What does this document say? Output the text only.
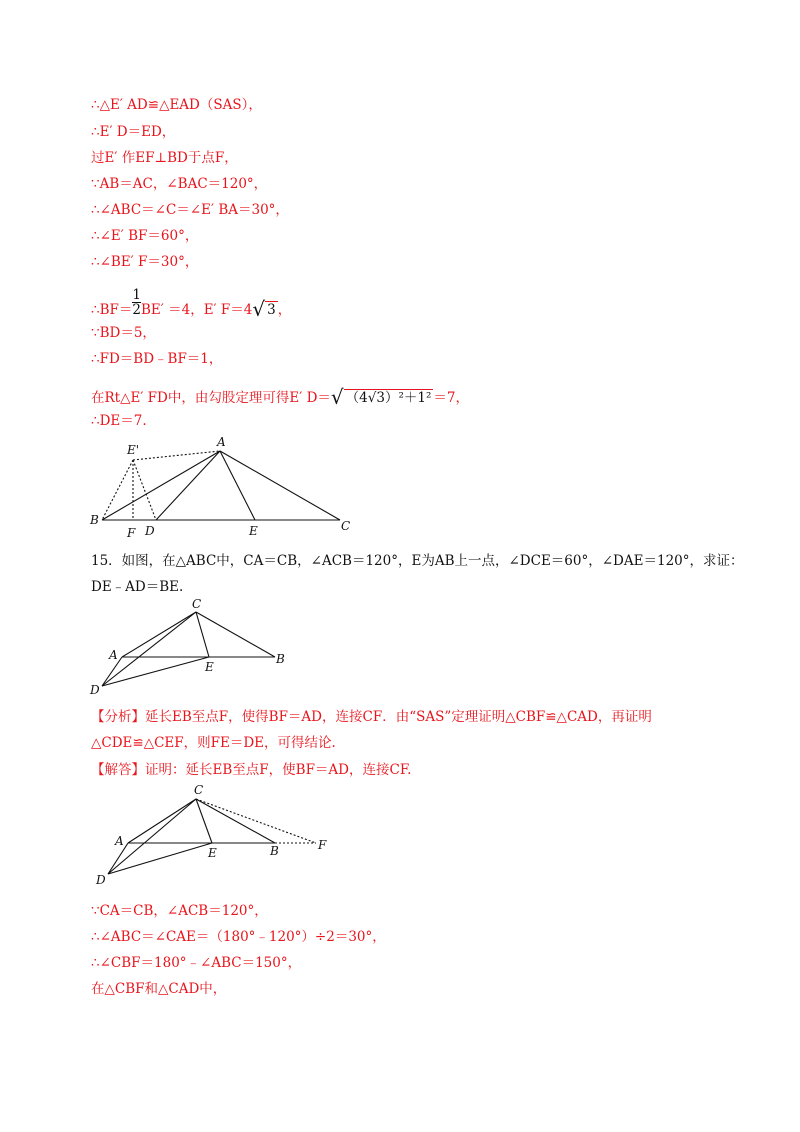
∴△E′ AD≌△EAD（SAS），
∴E′ D＝ED，
过E′ 作EF⊥BD于点F，
∵AB＝AC，∠BAC＝120°，
∴∠ABC＝∠C＝∠E′ BA＝30°，
∴∠E′ BF＝60°，
∴∠BE′ F＝30°，
∴BF＝ $\frac{1}{2} BE' =4$，E′ F＝4√ 3 ，
∵BD＝5，
∴FD＝BD﹣BF＝1，
在Rt△E′ FD中，由勾股定理可得E′ D＝√ （4√3）²＋1² ＝7，
∴DE＝7.
E'
A
B
F D	E	C
15．如图，在△ABC中，CA＝CB，∠ACB＝120°，E为AB上一点，∠DCE＝60°，∠DAE＝120°，求证：
DE﹣AD＝BE.
C
A
E
B
D
【分析】延长EB至点F，使得BF＝AD，连接CF．由“SAS”定理证明△CBF≌△CAD，再证明
△CDE≌△CEF，则FE＝DE，可得结论.
【解答】证明：延长EB至点F，使BF＝AD，连接CF.
C
A
E	B	F
D
∵CA＝CB，∠ACB＝120°，
∴∠ABC＝∠CAE＝（180°﹣120°）÷2＝30°，
∴∠CBF＝180°﹣∠ABC＝150°，
在△CBF和△CAD中，
